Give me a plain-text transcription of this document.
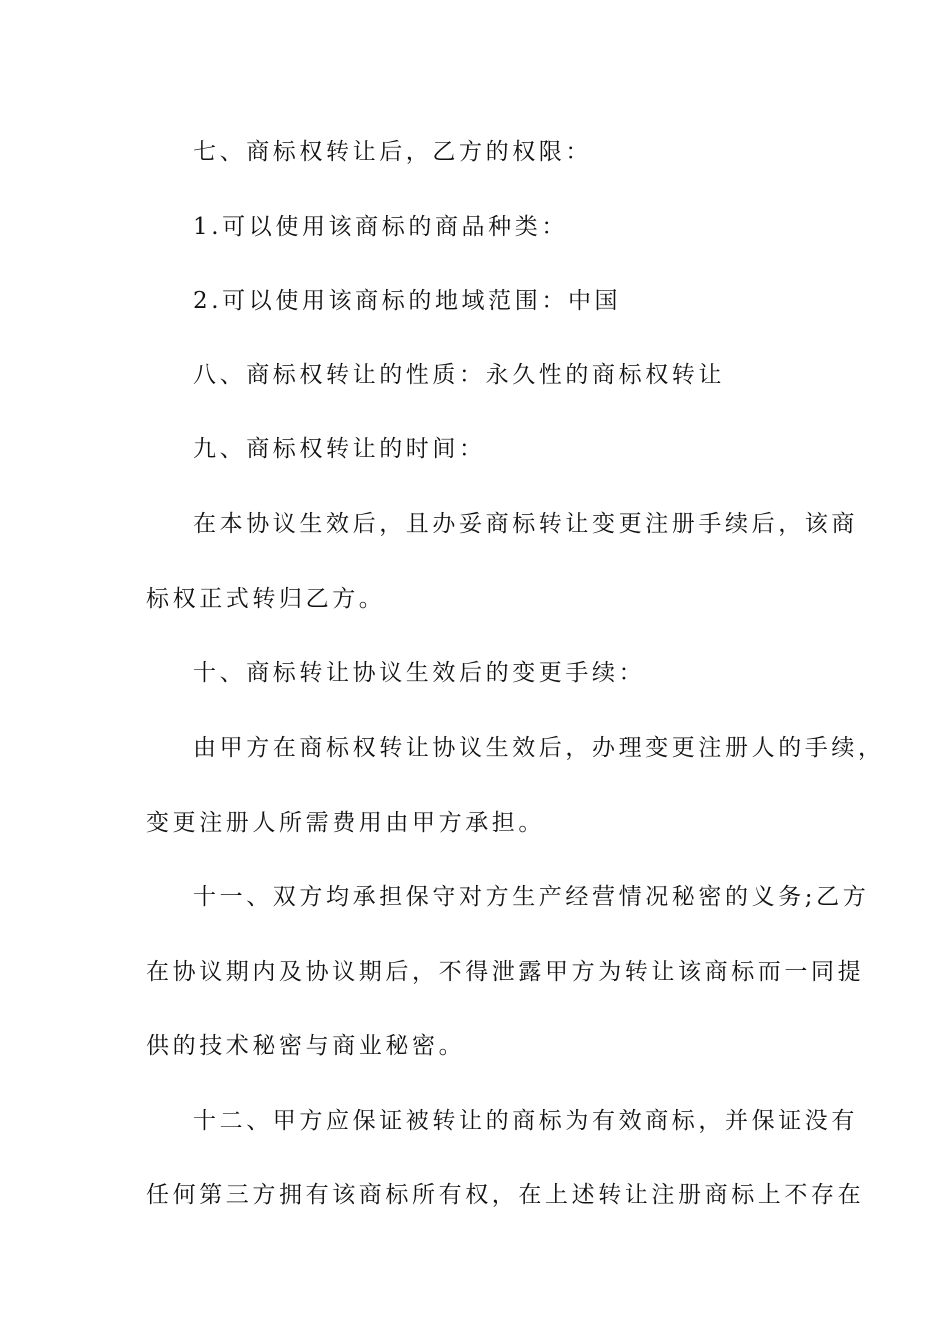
七、商标权转让后，乙方的权限：
1.可以使用该商标的商品种类：
2.可以使用该商标的地域范围：中国
八、商标权转让的性质：永久性的商标权转让
九、商标权转让的时间：
在本协议生效后，且办妥商标转让变更注册手续后，该商
标权正式转归乙方。
十、商标转让协议生效后的变更手续：
由甲方在商标权转让协议生效后，办理变更注册人的手续，
变更注册人所需费用由甲方承担。
十一、双方均承担保守对方生产经营情况秘密的义务;乙方
在协议期内及协议期后，不得泄露甲方为转让该商标而一同提
供的技术秘密与商业秘密。
十二、甲方应保证被转让的商标为有效商标，并保证没有
任何第三方拥有该商标所有权，在上述转让注册商标上不存在
